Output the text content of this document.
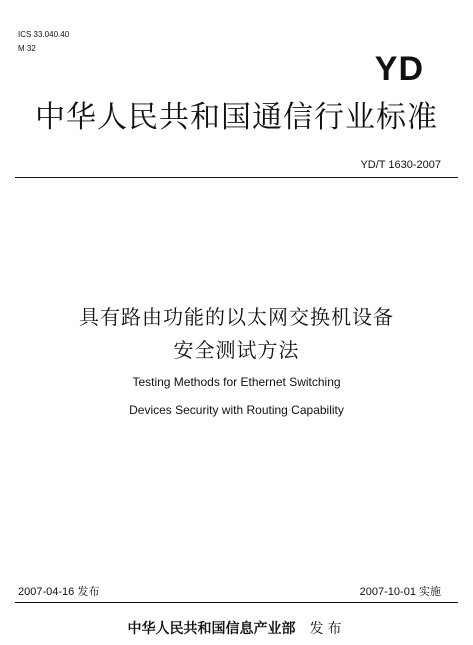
ICS 33.040.40
M 32
YD
中华人民共和国通信行业标准
YD/T 1630-2007
具有路由功能的以太网交换机设备
安全测试方法
Testing Methods for Ethernet Switching
Devices Security with Routing Capability
2007-04-16 发布	2007-10-01 实施
中华人民共和国信息产业部 发布
